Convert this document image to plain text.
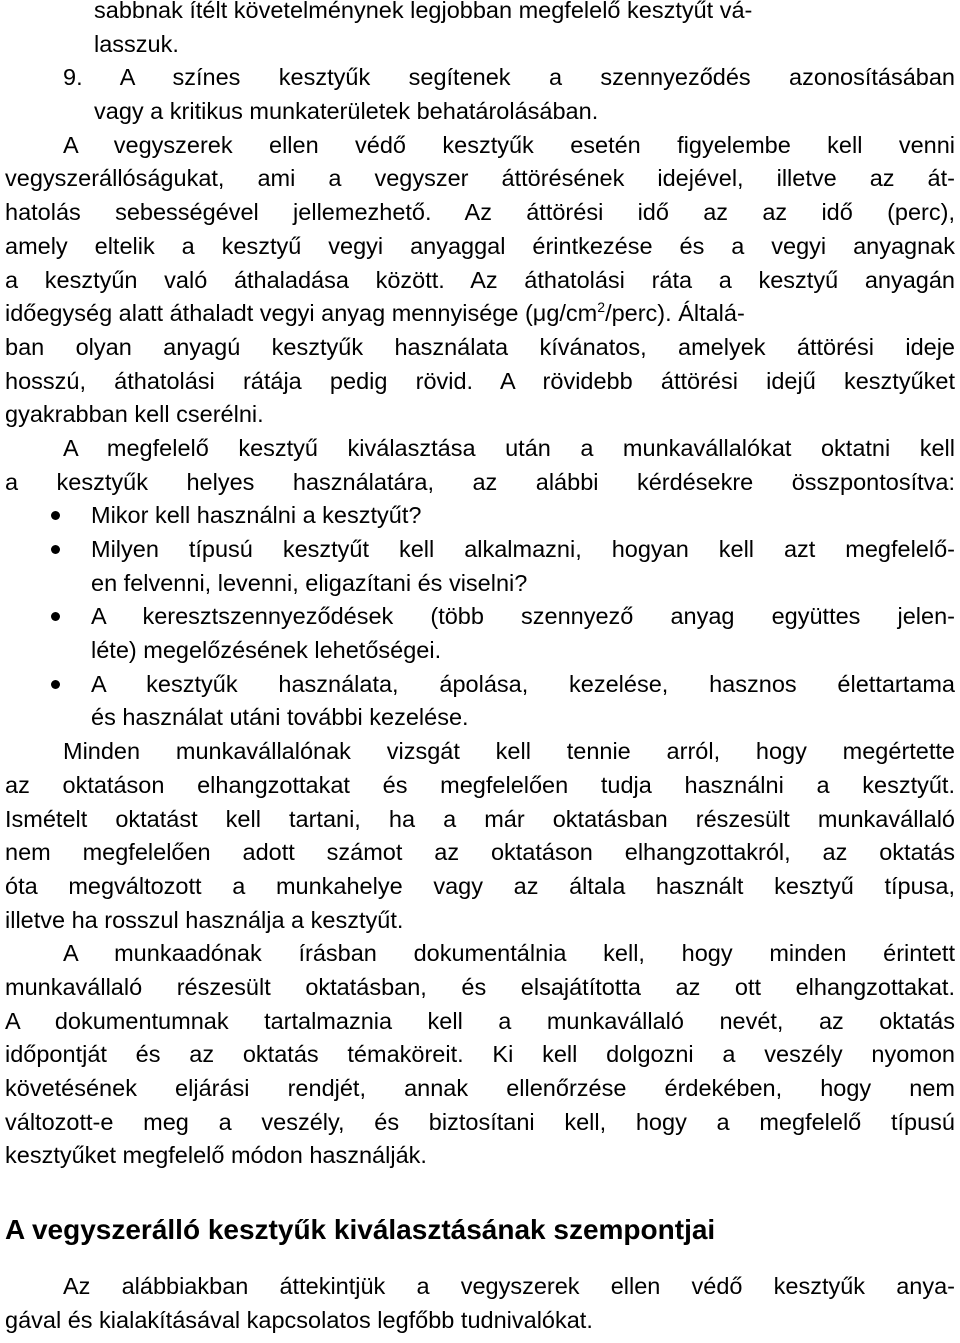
sabbnak ítélt követelménynek legjobban megfelelő kesztyűt vá-
lasszuk.
9. A színes kesztyűk segítenek a szennyeződés azonosításában
vagy a kritikus munkaterületek behatárolásában.
A vegyszerek ellen védő kesztyűk esetén figyelembe kell venni
vegyszerállóságukat, ami a vegyszer áttörésének idejével, illetve az át-
hatolás sebességével jellemezhető. Az áttörési idő az az idő (perc),
amely eltelik a kesztyű vegyi anyaggal érintkezése és a vegyi anyagnak
a kesztyűn való áthaladása között. Az áthatolási ráta a kesztyű anyagán
időegység alatt áthaladt vegyi anyag mennyisége $(\mu g/cm^2/perc)$. Általá-
ban olyan anyagú kesztyűk használata kívánatos, amelyek áttörési ideje
hosszú, áthatolási rátája pedig rövid. A rövidebb áttörési idejű kesztyűket
gyakrabban kell cserélni.
A megfelelő kesztyű kiválasztása után a munkavállalókat oktatni kell
a kesztyűk helyes használatára, az alábbi kérdésekre összpontosítva:
Mikor kell használni a kesztyűt?
Milyen típusú kesztyűt kell alkalmazni, hogyan kell azt megfelelő-
en felvenni, levenni, eligazítani és viselni?
A keresztszennyeződések (több szennyező anyag együttes jelen-
léte) megelőzésének lehetőségei.
A kesztyűk használata, ápolása, kezelése, hasznos élettartama
és használat utáni további kezelése.
Minden munkavállalónak vizsgát kell tennie arról, hogy megértette
az oktatáson elhangzottakat és megfelelően tudja használni a kesztyűt.
Ismételt oktatást kell tartani, ha a már oktatásban részesült munkavállaló
nem megfelelően adott számot az oktatáson elhangzottakról, az oktatás
óta megváltozott a munkahelye vagy az általa használt kesztyű típusa,
illetve ha rosszul használja a kesztyűt.
A munkaadónak írásban dokumentálnia kell, hogy minden érintett
munkavállaló részesült oktatásban, és elsajátította az ott elhangzottakat.
A dokumentumnak tartalmaznia kell a munkavállaló nevét, az oktatás
időpontját és az oktatás témaköreit. Ki kell dolgozni a veszély nyomon
követésének eljárási rendjét, annak ellenőrzése érdekében, hogy nem
változott-e meg a veszély, és biztosítani kell, hogy a megfelelő típusú
kesztyűket megfelelő módon használják.
A vegyszerálló kesztyűk kiválasztásának szempontjai
Az alábbiakban áttekintjük a vegyszerek ellen védő kesztyűk anya-
gával és kialakításával kapcsolatos legfőbb tudnivalókat.
